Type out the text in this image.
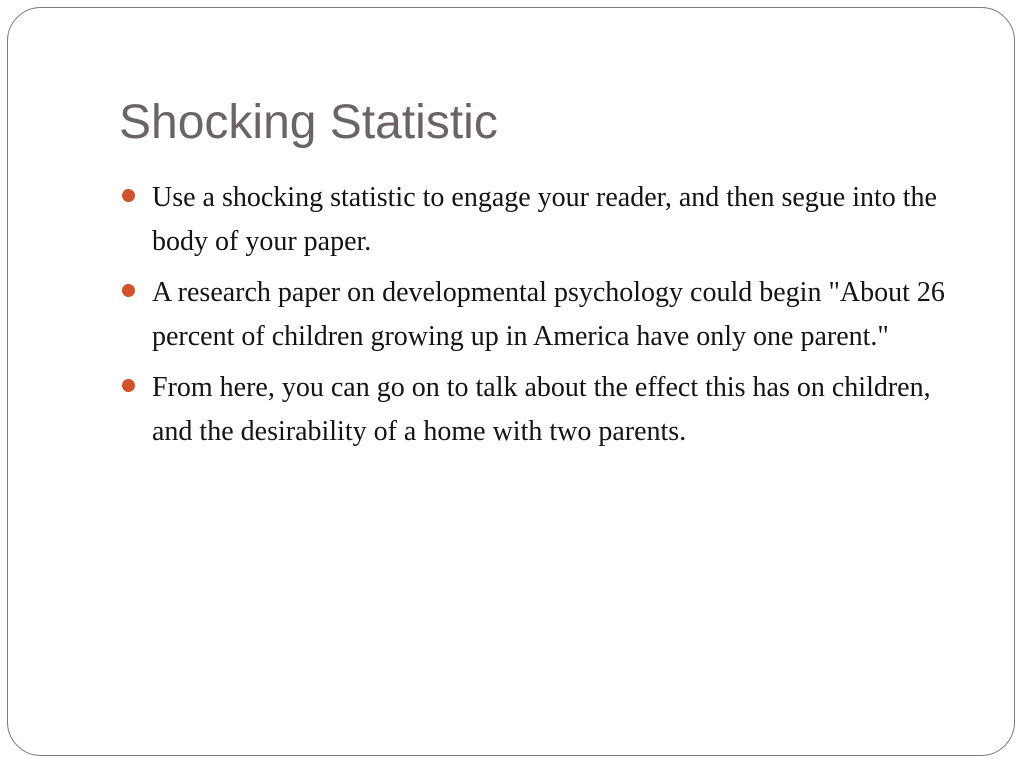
Shocking Statistic
Use a shocking statistic to engage your reader, and then segue into the body of your paper.
A research paper on developmental psychology could begin "About 26 percent of children growing up in America have only one parent."
From here, you can go on to talk about the effect this has on children, and the desirability of a home with two parents.
